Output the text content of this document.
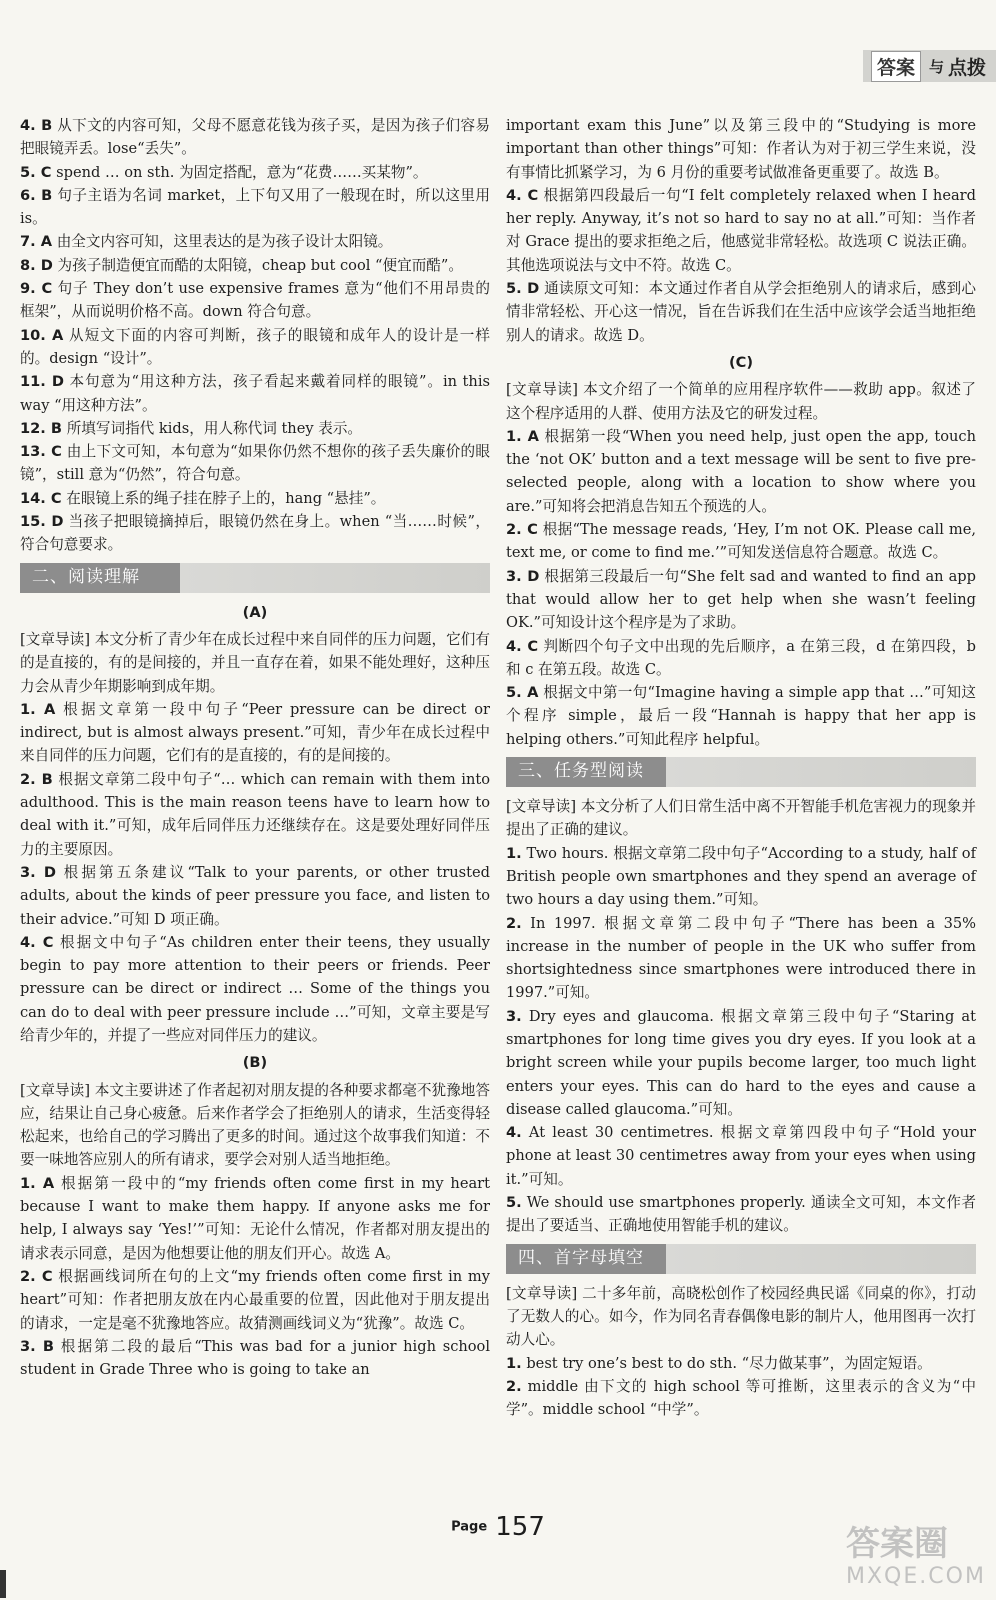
答案 与 点拨

4. B 从下文的内容可知，父母不愿意花钱为孩子买，是因为孩子们容易把眼镜弄丢。lose“丢失”。

5. C spend … on sth. 为固定搭配，意为“花费……买某物”。

6. B 句子主语为名词 market，上下句又用了一般现在时，所以这里用 is。

7. A 由全文内容可知，这里表达的是为孩子设计太阳镜。

8. D 为孩子制造便宜而酷的太阳镜，cheap but cool “便宜而酷”。

9. C 句子 They don’t use expensive frames 意为“他们不用昂贵的框架”，从而说明价格不高。down 符合句意。

10. A 从短文下面的内容可判断，孩子的眼镜和成年人的设计是一样的。design “设计”。

11. D 本句意为“用这种方法，孩子看起来戴着同样的眼镜”。in this way “用这种方法”。

12. B 所填写词指代 kids，用人称代词 they 表示。

13. C 由上下文可知，本句意为“如果你仍然不想你的孩子丢失廉价的眼镜”，still 意为“仍然”，符合句意。

14. C 在眼镜上系的绳子挂在脖子上的，hang “悬挂”。

15. D 当孩子把眼镜摘掉后，眼镜仍然在身上。when “当……时候”，符合句意要求。

二、阅读理解
(A)

[文章导读] 本文分析了青少年在成长过程中来自同伴的压力问题，它们有的是直接的，有的是间接的，并且一直存在着，如果不能处理好，这种压力会从青少年期影响到成年期。

1. A 根据文章第一段中句子“Peer pressure can be direct or indirect, but is almost always present.”可知，青少年在成长过程中来自同伴的压力问题，它们有的是直接的，有的是间接的。

2. B 根据文章第二段中句子“… which can remain with them into adulthood. This is the main reason teens have to learn how to deal with it.”可知，成年后同伴压力还继续存在。这是要处理好同伴压力的主要原因。

3. D 根据第五条建议“Talk to your parents, or other trusted adults, about the kinds of peer pressure you face, and listen to their advice.”可知 D 项正确。

4. C 根据文中句子“As children enter their teens, they usually begin to pay more attention to their peers or friends. Peer pressure can be direct or indirect … Some of the things you can do to deal with peer pressure include …”可知，文章主要是写给青少年的，并提了一些应对同伴压力的建议。

(B)

[文章导读] 本文主要讲述了作者起初对朋友提的各种要求都毫不犹豫地答应，结果让自己身心疲惫。后来作者学会了拒绝别人的请求，生活变得轻松起来，也给自己的学习腾出了更多的时间。通过这个故事我们知道：不要一味地答应别人的所有请求，要学会对别人适当地拒绝。

1. A 根据第一段中的“my friends often come first in my heart because I want to make them happy. If anyone asks me for help, I always say ‘Yes!’”可知：无论什么情况，作者都对朋友提出的请求表示同意，是因为他想要让他的朋友们开心。故选 A。

2. C 根据画线词所在句的上文“my friends often come first in my heart”可知：作者把朋友放在内心最重要的位置，因此他对于朋友提出的请求，一定是毫不犹豫地答应。故猜测画线词义为“犹豫”。故选 C。

3. B 根据第二段的最后“This was bad for a junior high school student in Grade Three who is going to take an

important exam this June”以及第三段中的“Studying is more important than other things”可知：作者认为对于初三学生来说，没有事情比抓紧学习，为 6 月份的重要考试做准备更重要了。故选 B。

4. C 根据第四段最后一句“I felt completely relaxed when I heard her reply. Anyway, it’s not so hard to say no at all.”可知：当作者对 Grace 提出的要求拒绝之后，他感觉非常轻松。故选项 C 说法正确。其他选项说法与文中不符。故选 C。

5. D 通读原文可知：本文通过作者自从学会拒绝别人的请求后，感到心情非常轻松、开心这一情况，旨在告诉我们在生活中应该学会适当地拒绝别人的请求。故选 D。

(C)

[文章导读] 本文介绍了一个简单的应用程序软件——救助 app。叙述了这个程序适用的人群、使用方法及它的研发过程。

1. A 根据第一段“When you need help, just open the app, touch the ‘not OK’ button and a text message will be sent to five pre-selected people, along with a location to show where you are.”可知将会把消息告知五个预选的人。

2. C 根据“The message reads, ‘Hey, I’m not OK. Please call me, text me, or come to find me.’”可知发送信息符合题意。故选 C。

3. D 根据第三段最后一句“She felt sad and wanted to find an app that would allow her to get help when she wasn’t feeling OK.”可知设计这个程序是为了求助。

4. C 判断四个句子文中出现的先后顺序，a 在第三段，d 在第四段，b 和 c 在第五段。故选 C。

5. A 根据文中第一句“Imagine having a simple app that …”可知这个程序 simple，最后一段“Hannah is happy that her app is helping others.”可知此程序 helpful。

三、任务型阅读

[文章导读] 本文分析了人们日常生活中离不开智能手机危害视力的现象并提出了正确的建议。

1. Two hours. 根据文章第二段中句子“According to a study, half of British people own smartphones and they spend an average of two hours a day using them.”可知。

2. In 1997. 根据文章第二段中句子“There has been a 35% increase in the number of people in the UK who suffer from shortsightedness since smartphones were introduced there in 1997.”可知。

3. Dry eyes and glaucoma. 根据文章第三段中句子“Staring at smartphones for long time gives you dry eyes. If you look at a bright screen while your pupils become larger, too much light enters your eyes. This can do hard to the eyes and cause a disease called glaucoma.”可知。

4. At least 30 centimetres. 根据文章第四段中句子“Hold your phone at least 30 centimetres away from your eyes when using it.”可知。

5. We should use smartphones properly. 通读全文可知，本文作者提出了要适当、正确地使用智能手机的建议。

四、首字母填空

[文章导读] 二十多年前，高晓松创作了校园经典民谣《同桌的你》，打动了无数人的心。如今，作为同名青春偶像电影的制片人，他用图再一次打动人心。

1. best try one’s best to do sth. “尽力做某事”，为固定短语。

2. middle 由下文的 high school 等可推断，这里表示的含义为“中学”。middle school “中学”。

Page 157	答案圈
MXQE.COM
